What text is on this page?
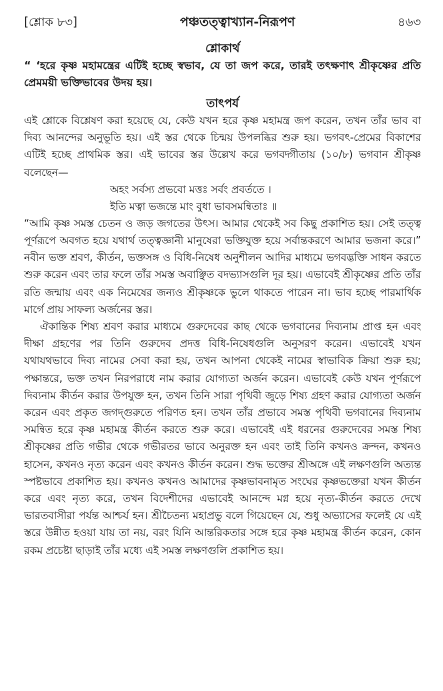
[শ্লোক ৮৩]	পঞ্চতত্ত্বাখ্যান-নিরূপণ	৪৬৩
শ্লোকার্থ

“ ‘হরে কৃষ্ণ মহামন্ত্রের এটিই হচ্ছে স্বভাব, যে তা জপ করে, তারই তৎক্ষণাৎ শ্রীকৃষ্ণের প্রতি প্রেমময়ী ভক্তিভাবের উদয় হয়।

তাৎপর্য

এই শ্লোকে বিশ্লেষণ করা হয়েছে যে, কেউ যখন হরে কৃষ্ণ মহামন্ত্র জপ করেন, তখন তাঁর ভাব বা দিব্য আনন্দের অনুভূতি হয়। এই স্তর থেকে চিন্ময় উপলব্ধির শুরু হয়। ভগবৎ-প্রেমের বিকাশের এটিই হচ্ছে প্রাথমিক স্তর। এই ভাবের স্তর উল্লেখ করে ভগবদ্গীতায় (১০/৮) ভগবান শ্রীকৃষ্ণ বলেছেন—

অহং সর্বস্য প্রভবো মত্তঃ সর্বং প্রবর্ততে ।

ইতি মত্বা ভজন্তে মাং বুধা ভাবসমন্বিতাঃ ॥

“আমি কৃষ্ণ সমস্ত চেতন ও জড় জগতের উৎস। আমার থেকেই সব কিছু প্রকাশিত হয়। সেই তত্ত্ব পূর্ণরূপে অবগত হয়ে যথার্থ তত্ত্বজ্ঞানী মানুষেরা ভক্তিযুক্ত হয়ে সর্বান্তকরণে আমার ভজনা করে।” নবীন ভক্ত শ্রবণ, কীর্তন, ভক্তসঙ্গ ও বিধি-নিষেধ অনুশীলন আদির মাধ্যমে ভগবদ্ভক্তি সাধন করতে শুরু করেন এবং তার ফলে তাঁর সমস্ত অবাঞ্ছিত বদভ্যাসগুলি দূর হয়। এভাবেই শ্রীকৃষ্ণের প্রতি তাঁর রতি জন্মায় এবং এক নিমেষের জন্যও শ্রীকৃষ্ণকে ভুলে থাকতে পারেন না। ভাব হচ্ছে পারমার্থিক মার্গে প্রায় সাফল্য অর্জনের স্তর।

ঐকান্তিক শিষ্য শ্রবণ করার মাধ্যমে গুরুদেবের কাছ থেকে ভগবানের দিব্যনাম প্রাপ্ত হন এবং দীক্ষা গ্রহণের পর তিনি গুরুদেব প্রদত্ত বিধি-নিষেধগুলি অনুসরণ করেন। এভাবেই যখন যথাযথভাবে দিব্য নামের সেবা করা হয়, তখন আপনা থেকেই নামের স্বাভাবিক ক্রিয়া শুরু হয়; পক্ষান্তরে, ভক্ত তখন নিরপরাধে নাম করার যোগ্যতা অর্জন করেন। এভাবেই কেউ যখন পূর্ণরূপে দিব্যনাম কীর্তন করার উপযুক্ত হন, তখন তিনি সারা পৃথিবী জুড়ে শিষ্য গ্রহণ করার যোগ্যতা অর্জন করেন এবং প্রকৃত জগদ্গুরুতে পরিণত হন। তখন তাঁর প্রভাবে সমস্ত পৃথিবী ভগবানের দিব্যনাম সমন্বিত হরে কৃষ্ণ মহামন্ত্র কীর্তন করতে শুরু করে। এভাবেই এই ধরনের গুরুদেবের সমস্ত শিষ্য শ্রীকৃষ্ণের প্রতি গভীর থেকে গভীরতর ভাবে অনুরক্ত হন এবং তাই তিনি কখনও ক্রন্দন, কখনও হাসেন, কখনও নৃত্য করেন এবং কখনও কীর্তন করেন। শুদ্ধ ভক্তের শ্রীঅঙ্গে এই লক্ষণগুলি অত্যন্ত স্পষ্টভাবে প্রকাশিত হয়। কখনও কখনও আমাদের কৃষ্ণভাবনামৃত সংঘের কৃষ্ণভক্তেরা যখন কীর্তন করে এবং নৃত্য করে, তখন বিদেশীদের এভাবেই আনন্দে মগ্ন হয়ে নৃত্য-কীর্তন করতে দেখে ভারতবাসীরা পর্যন্ত আশ্চর্য হন। শ্রীচৈতন্য মহাপ্রভু বলে গিয়েছেন যে, শুধু অভ্যাসের ফলেই যে এই স্তরে উন্নীত হওয়া যায় তা নয়, বরং যিনি আন্তরিকতার সঙ্গে হরে কৃষ্ণ মহামন্ত্র কীর্তন করেন, কোন রকম প্রচেষ্টা ছাড়াই তাঁর মধ্যে এই সমস্ত লক্ষণগুলি প্রকাশিত হয়।
